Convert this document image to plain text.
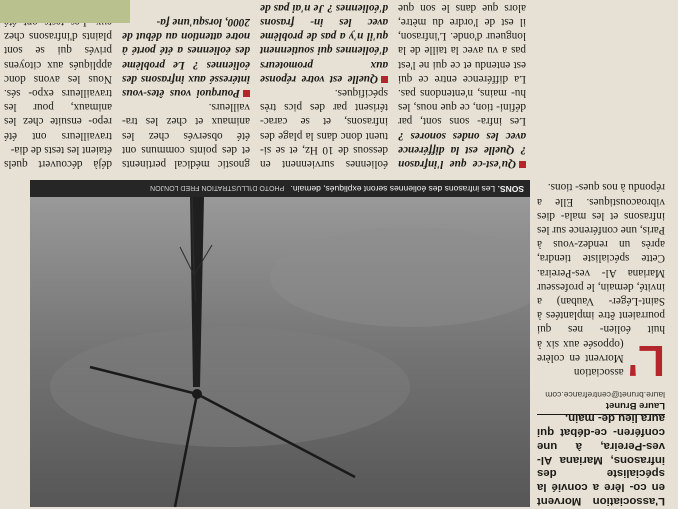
L'association Morvent en co- lère a convié la spécialiste des infrasons, Mariana Al- ves-Pereira, à une conféren- ce-débat qui aura lieu de- main.
Laure Brunet
laure.brunet@centrefrance.com
L'

association Morvent en colère (opposée aux six à huit éolien- nes qui pourraient être implantées à Saint-Léger- Vauban) a invité, demain, le professeur Mariana Al- ves-Pereira. Cette spécialiste tiendra, après un rendez-vous à Paris, une conférence sur les infrasons et les mala- dies vibroacoustiques. Elle a répondu à nos ques- tions.

SONS. Les infrasons des éoliennes seront expliqués, demain. PHOTO D'ILLUSTRATION FRED LONJON

Qu'est-ce que l'infrason ? Quelle est la différence avec les ondes sonores ? Les infra- sons sont, par défini- tion, ce que nous, les hu- mains, n'entendons pas. La différence entre ce qui est entendu et ce qui ne l'est pas a vu avec la taille de la longueur d'onde. L'infrason, il est de l'ordre du mètre, alors que dans le son que

éoliennes surviennent en dessous de 10 Hz, et se si- tuent donc dans la plage des infrasons, et se carac- térisent par des pics très spécifiques.

Quelle est votre réponse aux promoteurs d'éoliennes qui soutiennent qu'il n'y a pas de problème avec les in- frasons d'éoliennes ? Je n'ai pas de

gnostic médical pertinents et des points communs ont été observés chez les animaux et chez les tra- vailleurs.

Pourquoi vous êtes-vous intéressé aux infrasons des éoliennes ? Le problème des éoliennes a été porté à notre attention au début de 2000, lorsqu'une fa-

déjà découvert quels étaient les tests de dia-

travailleurs ont été repo- ensuite chez les animaux, pour les travailleurs expo- sés. Nous les avons donc appliqués aux citoyens privés qui se sont plaints d'infrasons chez
